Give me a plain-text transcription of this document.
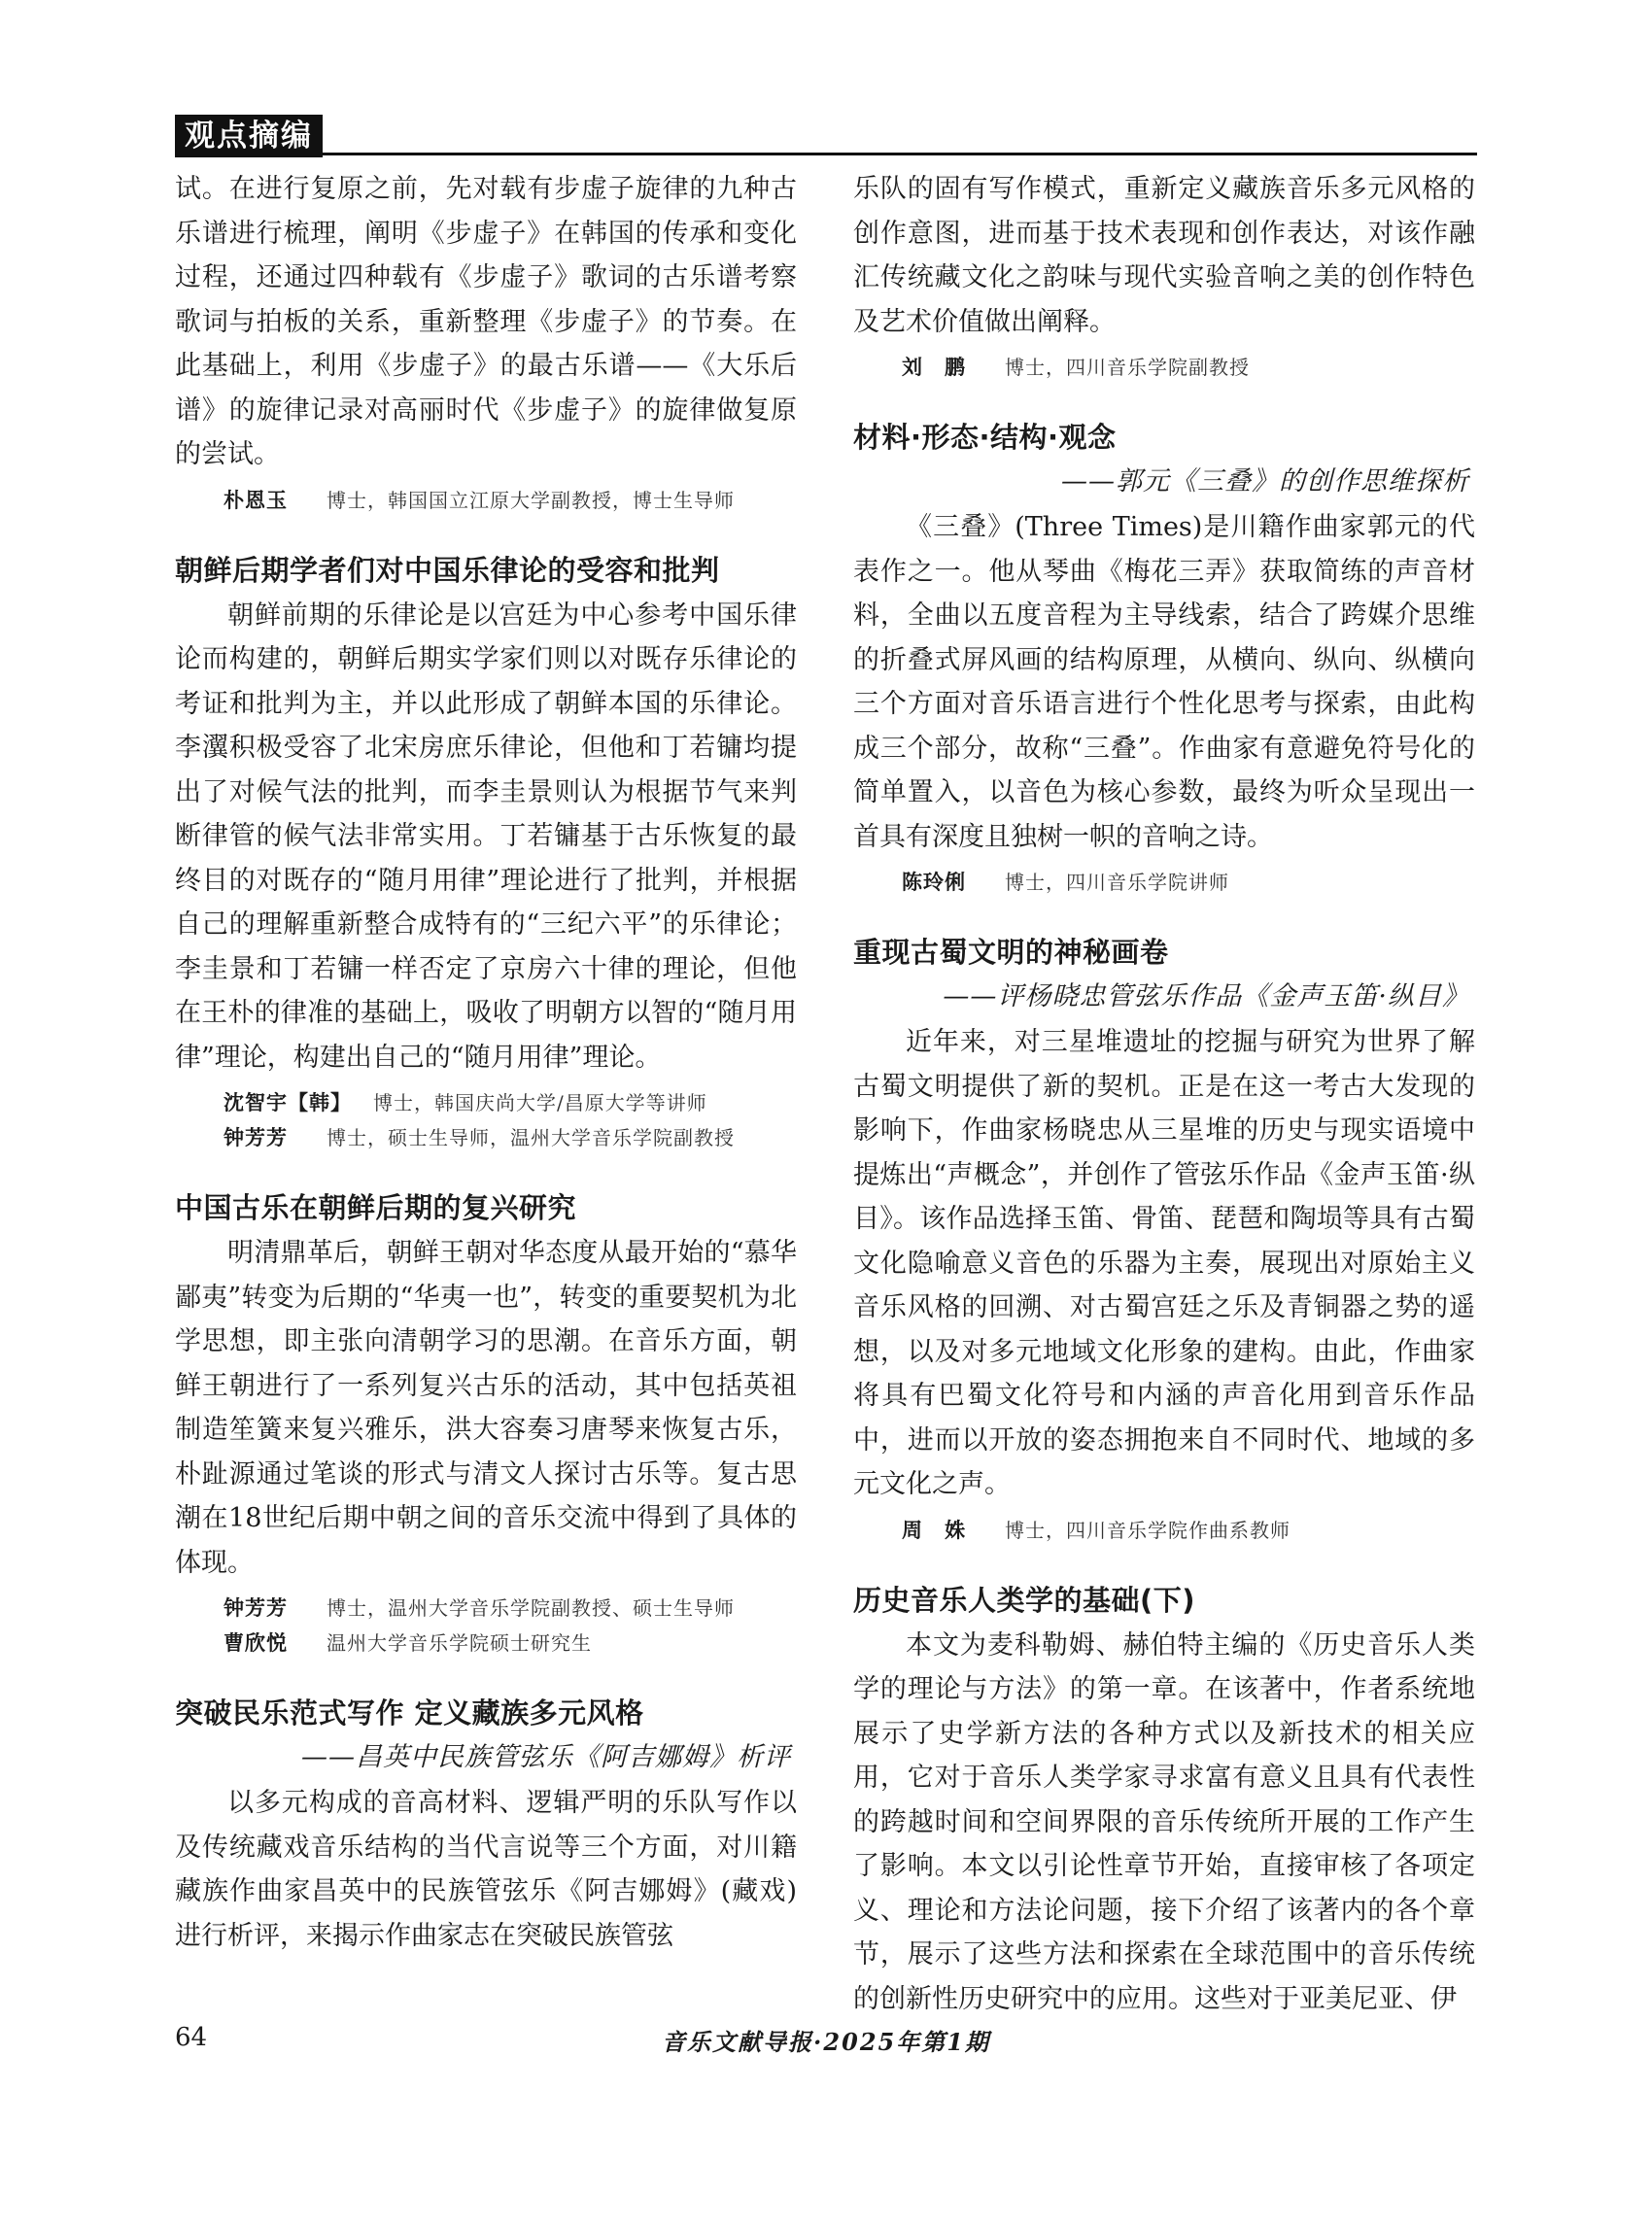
观点摘编

试。在进行复原之前，先对载有步虚子旋律的九种古乐谱进行梳理，阐明《步虚子》在韩国的传承和变化过程，还通过四种载有《步虚子》歌词的古乐谱考察歌词与拍板的关系，重新整理《步虚子》的节奏。在此基础上，利用《步虚子》的最古乐谱——《大乐后谱》的旋律记录对高丽时代《步虚子》的旋律做复原的尝试。

朴恩玉 博士，韩国国立江原大学副教授，博士生导师
朝鲜后期学者们对中国乐律论的受容和批判

朝鲜前期的乐律论是以宫廷为中心参考中国乐律论而构建的，朝鲜后期实学家们则以对既存乐律论的考证和批判为主，并以此形成了朝鲜本国的乐律论。李瀷积极受容了北宋房庶乐律论，但他和丁若镛均提出了对候气法的批判，而李圭景则认为根据节气来判断律管的候气法非常实用。丁若镛基于古乐恢复的最终目的对既存的“随月用律”理论进行了批判，并根据自己的理解重新整合成特有的“三纪六平”的乐律论；李圭景和丁若镛一样否定了京房六十律的理论，但他在王朴的律准的基础上，吸收了明朝方以智的“随月用律”理论，构建出自己的“随月用律”理论。

沈智宇【韩】 博士，韩国庆尚大学/昌原大学等讲师
钟芳芳 博士，硕士生导师，温州大学音乐学院副教授
中国古乐在朝鲜后期的复兴研究

明清鼎革后，朝鲜王朝对华态度从最开始的“慕华鄙夷”转变为后期的“华夷一也”，转变的重要契机为北学思想，即主张向清朝学习的思潮。在音乐方面，朝鲜王朝进行了一系列复兴古乐的活动，其中包括英祖制造笙簧来复兴雅乐，洪大容奏习唐琴来恢复古乐，朴趾源通过笔谈的形式与清文人探讨古乐等。复古思潮在18世纪后期中朝之间的音乐交流中得到了具体的体现。

钟芳芳 博士，温州大学音乐学院副教授、硕士生导师
曹欣悦 温州大学音乐学院硕士研究生
突破民乐范式写作 定义藏族多元风格
——昌英中民族管弦乐《阿吉娜姆》析评

以多元构成的音高材料、逻辑严明的乐队写作以及传统藏戏音乐结构的当代言说等三个方面，对川籍藏族作曲家昌英中的民族管弦乐《阿吉娜姆》(藏戏)进行析评，来揭示作曲家志在突破民族管弦

乐队的固有写作模式，重新定义藏族音乐多元风格的创作意图，进而基于技术表现和创作表达，对该作融汇传统藏文化之韵味与现代实验音响之美的创作特色及艺术价值做出阐释。

刘　鹏 博士，四川音乐学院副教授
材料·形态·结构·观念
——郭元《三叠》的创作思维探析

《三叠》(Three Times)是川籍作曲家郭元的代表作之一。他从琴曲《梅花三弄》获取简练的声音材料，全曲以五度音程为主导线索，结合了跨媒介思维的折叠式屏风画的结构原理，从横向、纵向、纵横向三个方面对音乐语言进行个性化思考与探索，由此构成三个部分，故称“三叠”。作曲家有意避免符号化的简单置入，以音色为核心参数，最终为听众呈现出一首具有深度且独树一帜的音响之诗。

陈玲俐 博士，四川音乐学院讲师
重现古蜀文明的神秘画卷
——评杨晓忠管弦乐作品《金声玉笛·纵目》

近年来，对三星堆遗址的挖掘与研究为世界了解古蜀文明提供了新的契机。正是在这一考古大发现的影响下，作曲家杨晓忠从三星堆的历史与现实语境中提炼出“声概念”，并创作了管弦乐作品《金声玉笛·纵目》。该作品选择玉笛、骨笛、琵琶和陶埙等具有古蜀文化隐喻意义音色的乐器为主奏，展现出对原始主义音乐风格的回溯、对古蜀宫廷之乐及青铜器之势的遥想，以及对多元地域文化形象的建构。由此，作曲家将具有巴蜀文化符号和内涵的声音化用到音乐作品中，进而以开放的姿态拥抱来自不同时代、地域的多元文化之声。

周　姝 博士，四川音乐学院作曲系教师
历史音乐人类学的基础(下)

本文为麦科勒姆、赫伯特主编的《历史音乐人类学的理论与方法》的第一章。在该著中，作者系统地展示了史学新方法的各种方式以及新技术的相关应用，它对于音乐人类学家寻求富有意义且具有代表性的跨越时间和空间界限的音乐传统所开展的工作产生了影响。本文以引论性章节开始，直接审核了各项定义、理论和方法论问题，接下介绍了该著内的各个章节，展示了这些方法和探索在全球范围中的音乐传统的创新性历史研究中的应用。这些对于亚美尼亚、伊

64	音乐文献导报·2025年第1期
